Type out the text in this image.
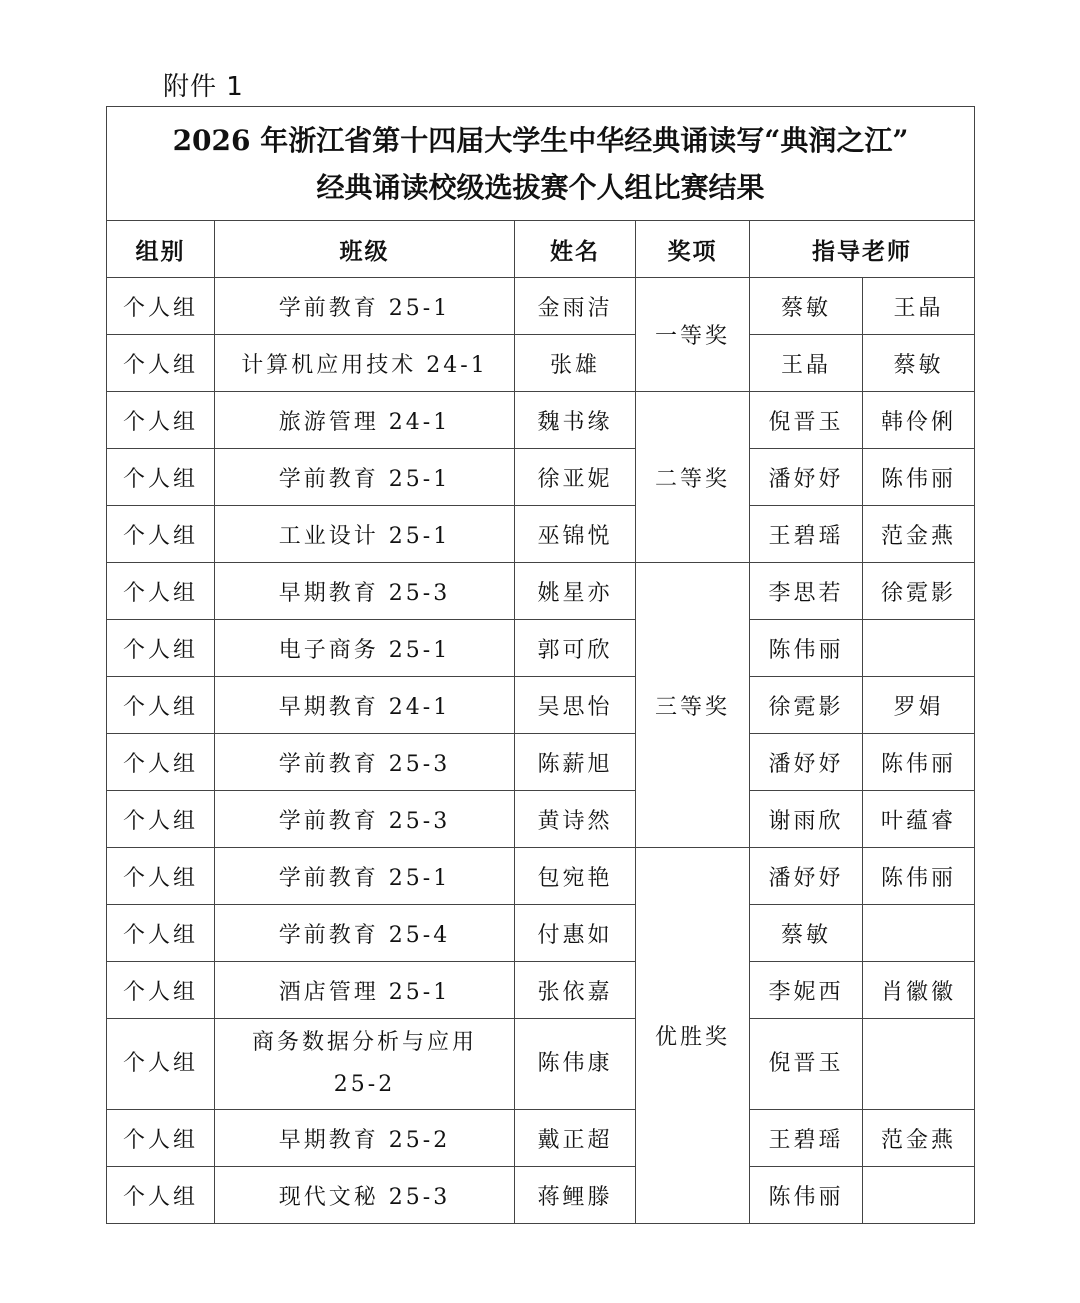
附件 1
2026 年浙江省第十四届大学生中华经典诵读写“典润之江”
经典诵读校级选拔赛个人组比赛结果					

组别	班级	姓名	奖项	指导老师	
个人组	学前教育 25-1	金雨洁	一等奖	蔡敏	王晶
个人组	计算机应用技术 24-1	张雄		王晶	蔡敏
个人组	旅游管理 24-1	魏书缘	二等奖	倪晋玉	韩伶俐
个人组	学前教育 25-1	徐亚妮		潘妤妤	陈伟丽
个人组	工业设计 25-1	巫锦悦		王碧瑶	范金燕
个人组	早期教育 25-3	姚星亦	三等奖	李思若	徐霓影
个人组	电子商务 25-1	郭可欣		陈伟丽	
个人组	早期教育 24-1	吴思怡		徐霓影	罗娟
个人组	学前教育 25-3	陈薪旭		潘妤妤	陈伟丽
个人组	学前教育 25-3	黄诗然		谢雨欣	叶蕴睿
个人组	学前教育 25-1	包宛艳	优胜奖	潘妤妤	陈伟丽
个人组	学前教育 25-4	付惠如		蔡敏	
个人组	酒店管理 25-1	张依嘉		李妮西	肖徽徽
个人组	商务数据分析与应用
25-2	陈伟康		倪晋玉	
个人组	早期教育 25-2	戴正超		王碧瑶	范金燕
个人组	现代文秘 25-3	蒋鲤滕		陈伟丽	
